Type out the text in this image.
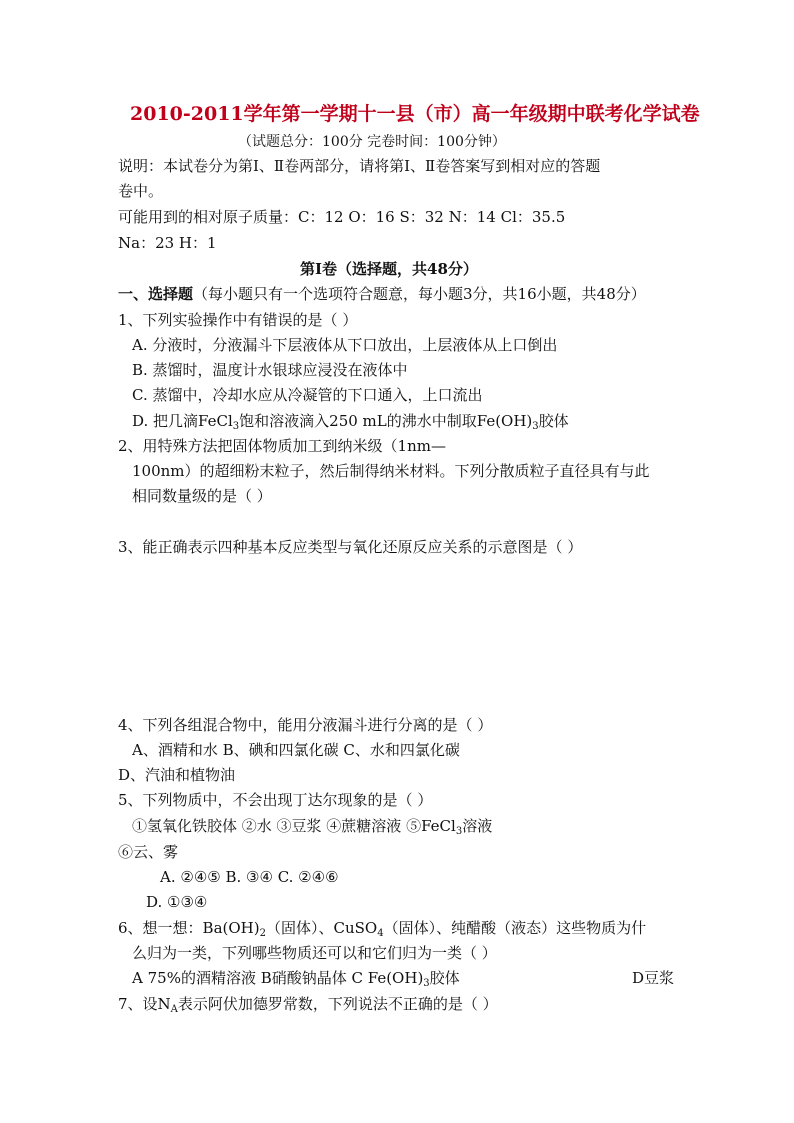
2010-2011学年第一学期十一县（市）高一年级期中联考化学试卷
（试题总分：100分 完卷时间：100分钟）
说明：本试卷分为第Ⅰ、Ⅱ卷两部分，请将第Ⅰ、Ⅱ卷答案写到相对应的答题
卷中。
可能用到的相对原子质量：C：12 O：16 S：32 N：14 Cl：35.5
Na：23 H：1
第Ⅰ卷（选择题，共48分）
一、选择题（每小题只有一个选项符合题意，每小题3分，共16小题，共48分）
1、下列实验操作中有错误的是（ ）
A. 分液时，分液漏斗下层液体从下口放出，上层液体从上口倒出
B. 蒸馏时，温度计水银球应浸没在液体中
C. 蒸馏中，冷却水应从冷凝管的下口通入，上口流出
D. 把几滴FeCl$_3$饱和溶液滴入250 mL的沸水中制取$Fe(OH)_3$胶体
2、用特殊方法把固体物质加工到纳米级（1nm—
100nm）的超细粉末粒子，然后制得纳米材料。下列分散质粒子直径具有与此
相同数量级的是（ ）
3、能正确表示四种基本反应类型与氧化还原反应关系的示意图是（ ）
4、下列各组混合物中，能用分液漏斗进行分离的是（ ）
A、酒精和水 B、碘和四氯化碳 C、水和四氯化碳
D、汽油和植物油
5、下列物质中，不会出现丁达尔现象的是（ ）
①氢氧化铁胶体 ②水 ③豆浆 ④蔗糖溶液 ⑤FeCl$_3$溶液
⑥云、雾
A. ②④⑤ B. ③④ C. ②④⑥
D. ①③④
6、想一想：$Ba(OH)_2$（固体）、CuSO$_4$（固体）、纯醋酸（液态）这些物质为什
么归为一类，下列哪些物质还可以和它们归为一类（ ）
A 75%的酒精溶液 B硝酸钠晶体 C $Fe(OH)_3$胶体	D豆浆
7、设$N_A$表示阿伏加德罗常数，下列说法不正确的是（ ）
